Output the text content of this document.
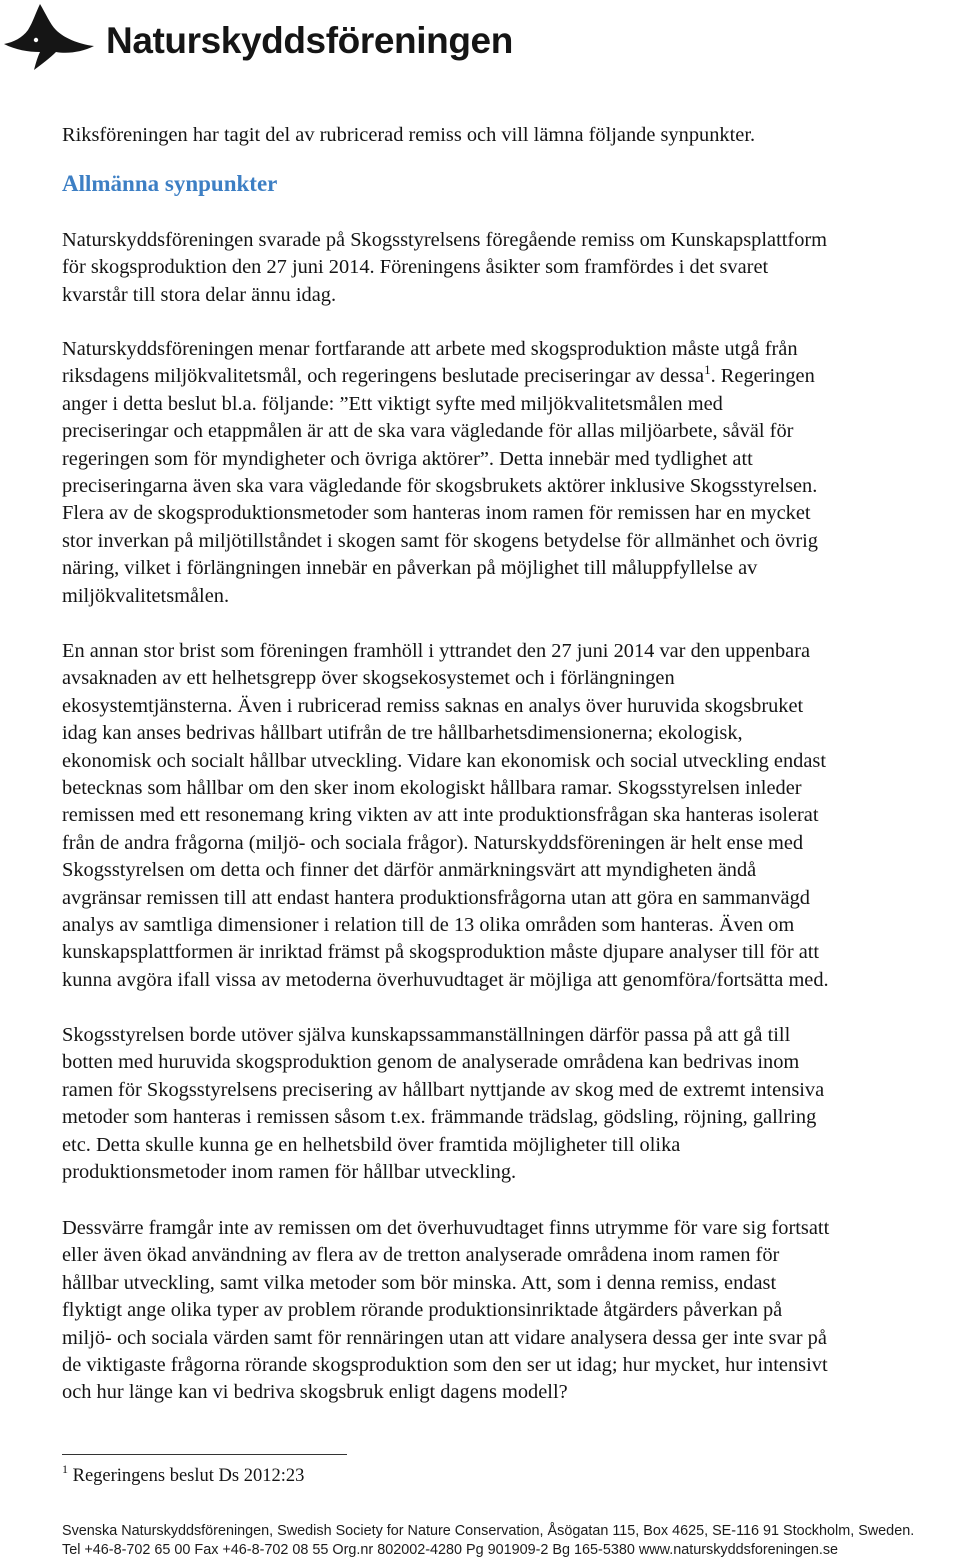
Naturskyddsföreningen
Riksföreningen har tagit del av rubricerad remiss och vill lämna följande synpunkter.
Allmänna synpunkter
Naturskyddsföreningen svarade på Skogsstyrelsens föregående remiss om Kunskapsplattform
för skogsproduktion den 27 juni 2014. Föreningens åsikter som framfördes i det svaret
kvarstår till stora delar ännu idag.
Naturskyddsföreningen menar fortfarande att arbete med skogsproduktion måste utgå från
riksdagens miljökvalitetsmål, och regeringens beslutade preciseringar av dessa$^1$. Regeringen
anger i detta beslut bl.a. följande: ”Ett viktigt syfte med miljökvalitetsmålen med
preciseringar och etappmålen är att de ska vara vägledande för allas miljöarbete, såväl för
regeringen som för myndigheter och övriga aktörer”. Detta innebär med tydlighet att
preciseringarna även ska vara vägledande för skogsbrukets aktörer inklusive Skogsstyrelsen.
Flera av de skogsproduktionsmetoder som hanteras inom ramen för remissen har en mycket
stor inverkan på miljötillståndet i skogen samt för skogens betydelse för allmänhet och övrig
näring, vilket i förlängningen innebär en påverkan på möjlighet till måluppfyllelse av
miljökvalitetsmålen.
En annan stor brist som föreningen framhöll i yttrandet den 27 juni 2014 var den uppenbara
avsaknaden av ett helhetsgrepp över skogsekosystemet och i förlängningen
ekosystemtjänsterna. Även i rubricerad remiss saknas en analys över huruvida skogsbruket
idag kan anses bedrivas hållbart utifrån de tre hållbarhetsdimensionerna; ekologisk,
ekonomisk och socialt hållbar utveckling. Vidare kan ekonomisk och social utveckling endast
betecknas som hållbar om den sker inom ekologiskt hållbara ramar. Skogsstyrelsen inleder
remissen med ett resonemang kring vikten av att inte produktionsfrågan ska hanteras isolerat
från de andra frågorna (miljö- och sociala frågor). Naturskyddsföreningen är helt ense med
Skogsstyrelsen om detta och finner det därför anmärkningsvärt att myndigheten ändå
avgränsar remissen till att endast hantera produktionsfrågorna utan att göra en sammanvägd
analys av samtliga dimensioner i relation till de 13 olika områden som hanteras. Även om
kunskapsplattformen är inriktad främst på skogsproduktion måste djupare analyser till för att
kunna avgöra ifall vissa av metoderna överhuvudtaget är möjliga att genomföra/fortsätta med.
Skogsstyrelsen borde utöver själva kunskapssammanställningen därför passa på att gå till
botten med huruvida skogsproduktion genom de analyserade områdena kan bedrivas inom
ramen för Skogsstyrelsens precisering av hållbart nyttjande av skog med de extremt intensiva
metoder som hanteras i remissen såsom t.ex. främmande trädslag, gödsling, röjning, gallring
etc. Detta skulle kunna ge en helhetsbild över framtida möjligheter till olika
produktionsmetoder inom ramen för hållbar utveckling.
Dessvärre framgår inte av remissen om det överhuvudtaget finns utrymme för vare sig fortsatt
eller även ökad användning av flera av de tretton analyserade områdena inom ramen för
hållbar utveckling, samt vilka metoder som bör minska. Att, som i denna remiss, endast
flyktigt ange olika typer av problem rörande produktionsinriktade åtgärders påverkan på
miljö- och sociala värden samt för rennäringen utan att vidare analysera dessa ger inte svar på
de viktigaste frågorna rörande skogsproduktion som den ser ut idag; hur mycket, hur intensivt
och hur länge kan vi bedriva skogsbruk enligt dagens modell?
$^1$ Regeringens beslut Ds 2012:23
Svenska Naturskyddsföreningen, Swedish Society for Nature Conservation, Åsögatan 115, Box 4625, SE-116 91 Stockholm, Sweden.
Tel +46-8-702 65 00 Fax +46-8-702 08 55 Org.nr 802002-4280 Pg 901909-2 Bg 165-5380 www.naturskyddsforeningen.se
